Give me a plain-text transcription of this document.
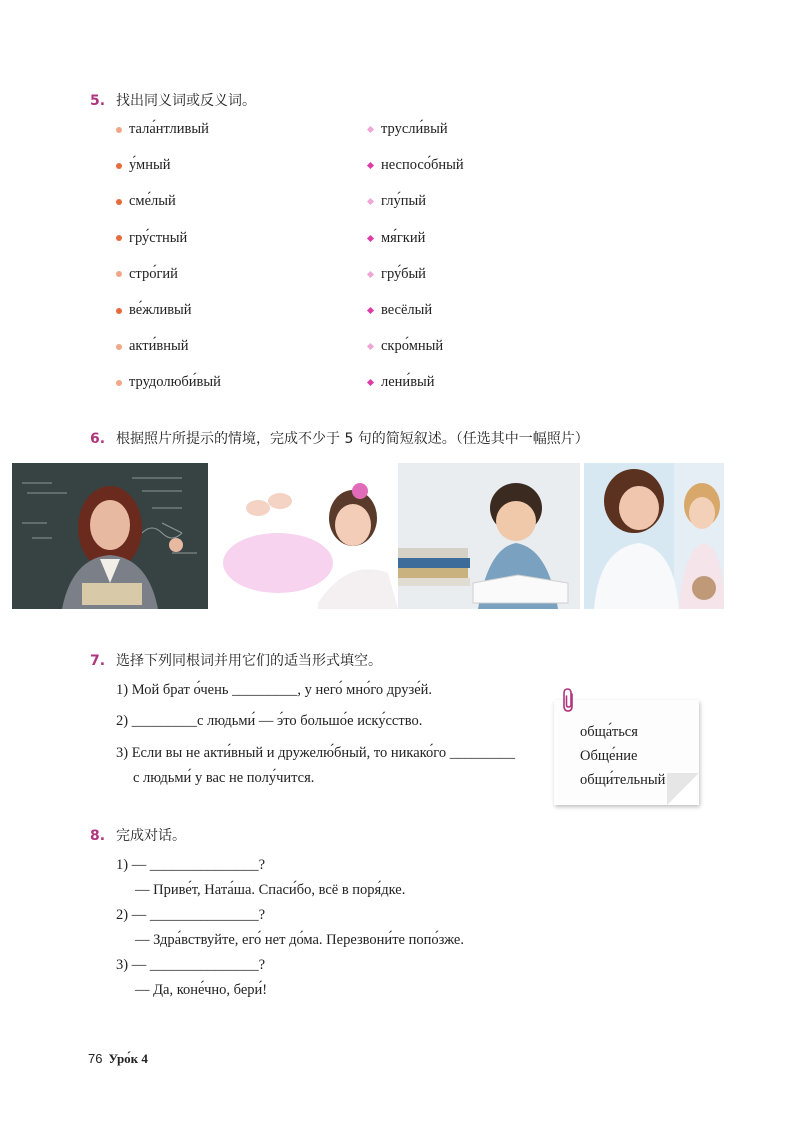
5. 找出同义词或反义词。
тала́нтливый
у́мный
сме́лый
гру́стный
стро́гий
ве́жливый
акти́вный
трудолюби́вый
трусли́вый
неспосо́бный
глу́пый
мя́гкий
гру́бый
весёлый
скро́мный
лени́вый
6. 根据照片所提示的情境，完成不少于 5 句的简短叙述。（任选其中一幅照片）
7. 选择下列同根词并用它们的适当形式填空。
1) Мой брат о́чень _________, у него́ мно́го друзе́й.
2) _________с людьми́ — э́то большо́е иску́сство.
3) Если вы не акти́вный и дружелю́бный, то никако́го _________
с людьми́ у вас не полу́чится.
обща́ться
Обще́ние
общи́тельный
8. 完成对话。
1) — _______________?
— Приве́т, Ната́ша. Спаси́бо, всё в поря́дке.
2) — _______________?
— Здра́вствуйте, его́ нет до́ма. Перезвони́те попо́зже.
3) — _______________?
— Да, коне́чно, бери́!
76 Уро́к 4
